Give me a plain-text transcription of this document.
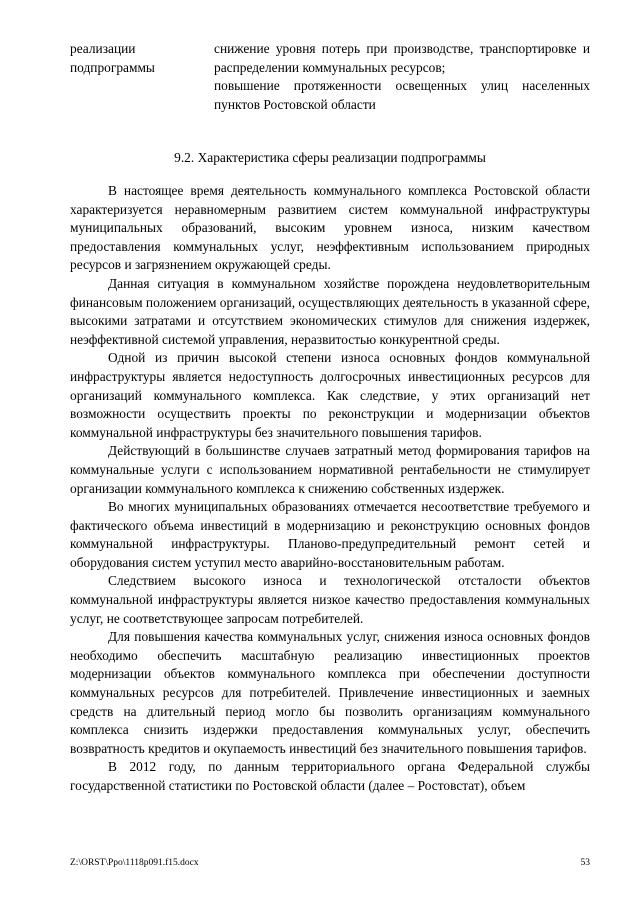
реализации подпрограммы
снижение уровня потерь при производстве, транспортировке и распределении коммунальных ресурсов;
повышение протяженности освещенных улиц населенных пунктов Ростовской области
9.2. Характеристика сферы реализации подпрограммы

В настоящее время деятельность коммунального комплекса Ростовской области характеризуется неравномерным развитием систем коммунальной инфраструктуры муниципальных образований, высоким уровнем износа, низким качеством предоставления коммунальных услуг, неэффективным использованием природных ресурсов и загрязнением окружающей среды.

Данная ситуация в коммунальном хозяйстве порождена неудовлетворительным финансовым положением организаций, осуществляющих деятельность в указанной сфере, высокими затратами и отсутствием экономических стимулов для снижения издержек, неэффективной системой управления, неразвитостью конкурентной среды.

Одной из причин высокой степени износа основных фондов коммунальной инфраструктуры является недоступность долгосрочных инвестиционных ресурсов для организаций коммунального комплекса. Как следствие, у этих организаций нет возможности осуществить проекты по реконструкции и модернизации объектов коммунальной инфраструктуры без значительного повышения тарифов.

Действующий в большинстве случаев затратный метод формирования тарифов на коммунальные услуги с использованием нормативной рентабельности не стимулирует организации коммунального комплекса к снижению собственных издержек.

Во многих муниципальных образованиях отмечается несоответствие требуемого и фактического объема инвестиций в модернизацию и реконструкцию основных фондов коммунальной инфраструктуры. Планово-предупредительный ремонт сетей и оборудования систем уступил место аварийно-восстановительным работам.

Следствием высокого износа и технологической отсталости объектов коммунальной инфраструктуры является низкое качество предоставления коммунальных услуг, не соответствующее запросам потребителей.

Для повышения качества коммунальных услуг, снижения износа основных фондов необходимо обеспечить масштабную реализацию инвестиционных проектов модернизации объектов коммунального комплекса при обеспечении доступности коммунальных ресурсов для потребителей. Привлечение инвестиционных и заемных средств на длительный период могло бы позволить организациям коммунального комплекса снизить издержки предоставления коммунальных услуг, обеспечить возвратность кредитов и окупаемость инвестиций без значительного повышения тарифов.

В 2012 году, по данным территориального органа Федеральной службы государственной статистики по Ростовской области (далее – Ростовстат), объем

Z:\ORST\Ppo\1118p091.f15.docx	53
